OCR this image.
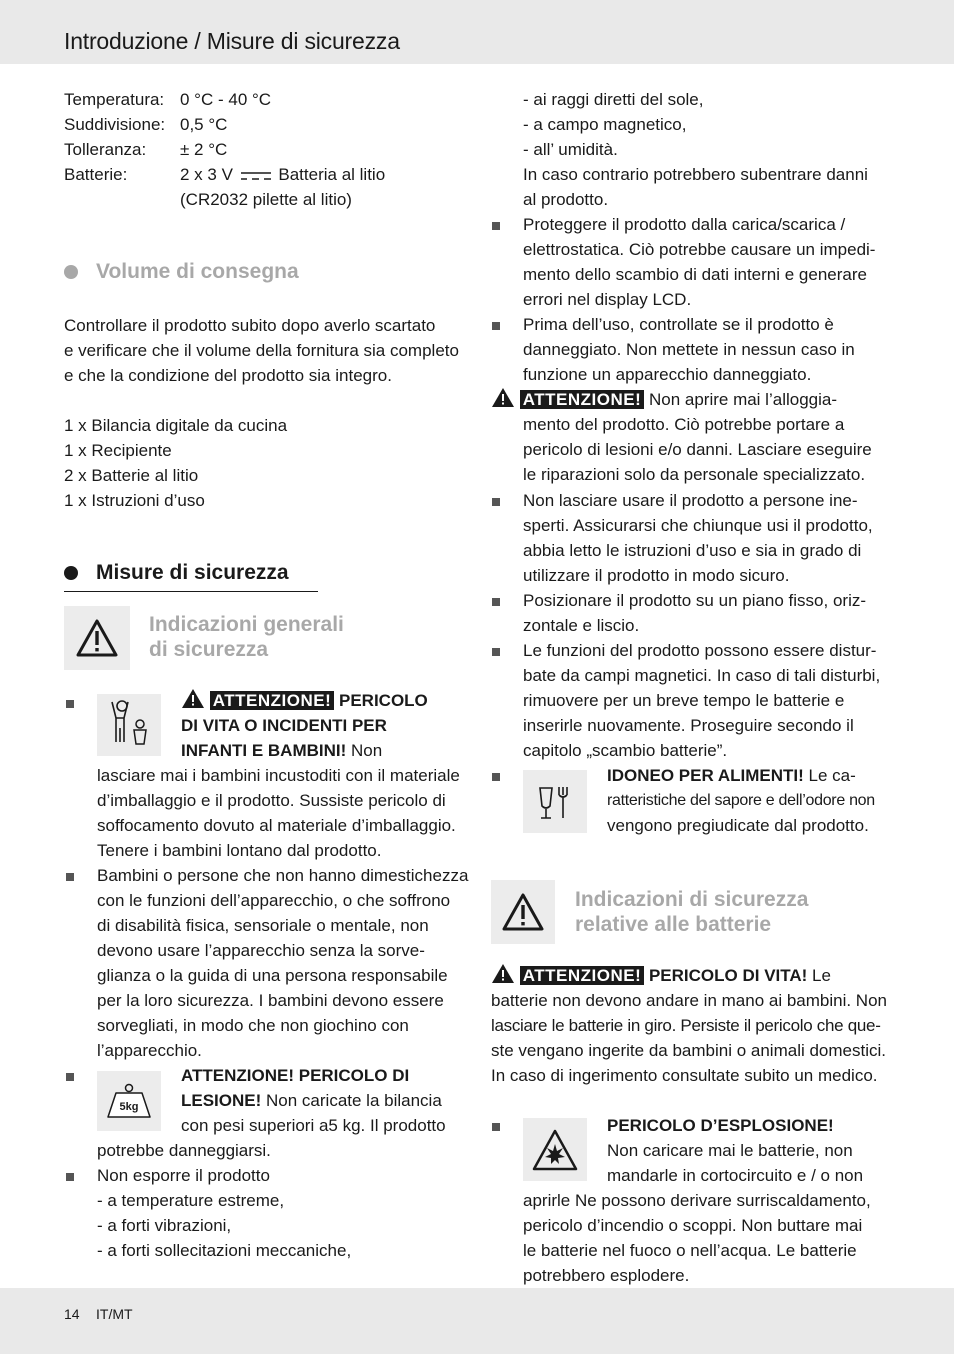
Introduzione / Misure di sicurezza
Temperatura: 0 °C - 40 °C
Suddivisione: 0,5 °C
Tolleranza:	± 2 °C
Batterie:	2 x 3 V	Batteria al litio
(CR2032 pilette al litio)
Volume di consegna
Controllare il prodotto subito dopo averlo scartato
e verificare che il volume della fornitura sia completo
e che la condizione del prodotto sia integro.
1 x Bilancia digitale da cucina
1 x Recipiente
2 x Batterie al litio
1 x Istruzioni d’uso
Misure di sicurezza
Indicazioni generali
di sicurezza
ATTENZIONE! PERICOLO
DI VITA O INCIDENTI PER
INFANTI E BAMBINI! Non
lasciare mai i bambini incustoditi con il materiale
d’imballaggio e il prodotto. Sussiste pericolo di
soffocamento dovuto al materiale d’imballaggio.
Tenere i bambini lontano dal prodotto.
Bambini o persone che non hanno dimestichezza
con le funzioni dell’apparecchio, o che soffrono
di disabilità fisica, sensoriale o mentale, non
devono usare l’apparecchio senza la sorve-
glianza o la guida di una persona responsabile
per la loro sicurezza. I bambini devono essere
sorvegliati, in modo che non giochino con
l’apparecchio.
5kg
ATTENZIONE! PERICOLO DI
LESIONE! Non caricate la bilancia
con pesi superiori a5 kg. Il prodotto
potrebbe danneggiarsi.
Non esporre il prodotto
- a temperature estreme,
- a forti vibrazioni,
- a forti sollecitazioni meccaniche,
- ai raggi diretti del sole,
- a campo magnetico,
- all’ umidità.
In caso contrario potrebbero subentrare danni
al prodotto.
Proteggere il prodotto dalla carica/scarica /
elettrostatica. Ciò potrebbe causare un impedi-
mento dello scambio di dati interni e generare
errori nel display LCD.
Prima dell’uso, controllate se il prodotto è
danneggiato. Non mettete in nessun caso in
funzione un apparecchio danneggiato.
ATTENZIONE! Non aprire mai l’alloggia-
mento del prodotto. Ciò potrebbe portare a
pericolo di lesioni e/o danni. Lasciare eseguire
le riparazioni solo da personale specializzato.
Non lasciare usare il prodotto a persone ine-
sperti. Assicurarsi che chiunque usi il prodotto,
abbia letto le istruzioni d’uso e sia in grado di
utilizzare il prodotto in modo sicuro.
Posizionare il prodotto su un piano fisso, oriz-
zontale e liscio.
Le funzioni del prodotto possono essere distur-
bate da campi magnetici. In caso di tali disturbi,
rimuovere per un breve tempo le batterie e
inserirle nuovamente. Proseguire secondo il
capitolo „scambio batterie”.
IDONEO PER ALIMENTI! Le ca-
ratteristiche del sapore e dell’odore non
vengono pregiudicate dal prodotto.
Indicazioni di sicurezza
relative alle batterie
ATTENZIONE! PERICOLO DI VITA! Le
batterie non devono andare in mano ai bambini. Non
lasciare le batterie in giro. Persiste il pericolo che que-
ste vengano ingerite da bambini o animali domestici.
In caso di ingerimento consultate subito un medico.
PERICOLO D’ESPLOSIONE!
Non caricare mai le batterie, non
mandarle in cortocircuito e / o non
aprirle Ne possono derivare surriscaldamento,
pericolo d’incendio o scoppi. Non buttare mai
le batterie nel fuoco o nell’acqua. Le batterie
potrebbero esplodere.
14 IT/MT
